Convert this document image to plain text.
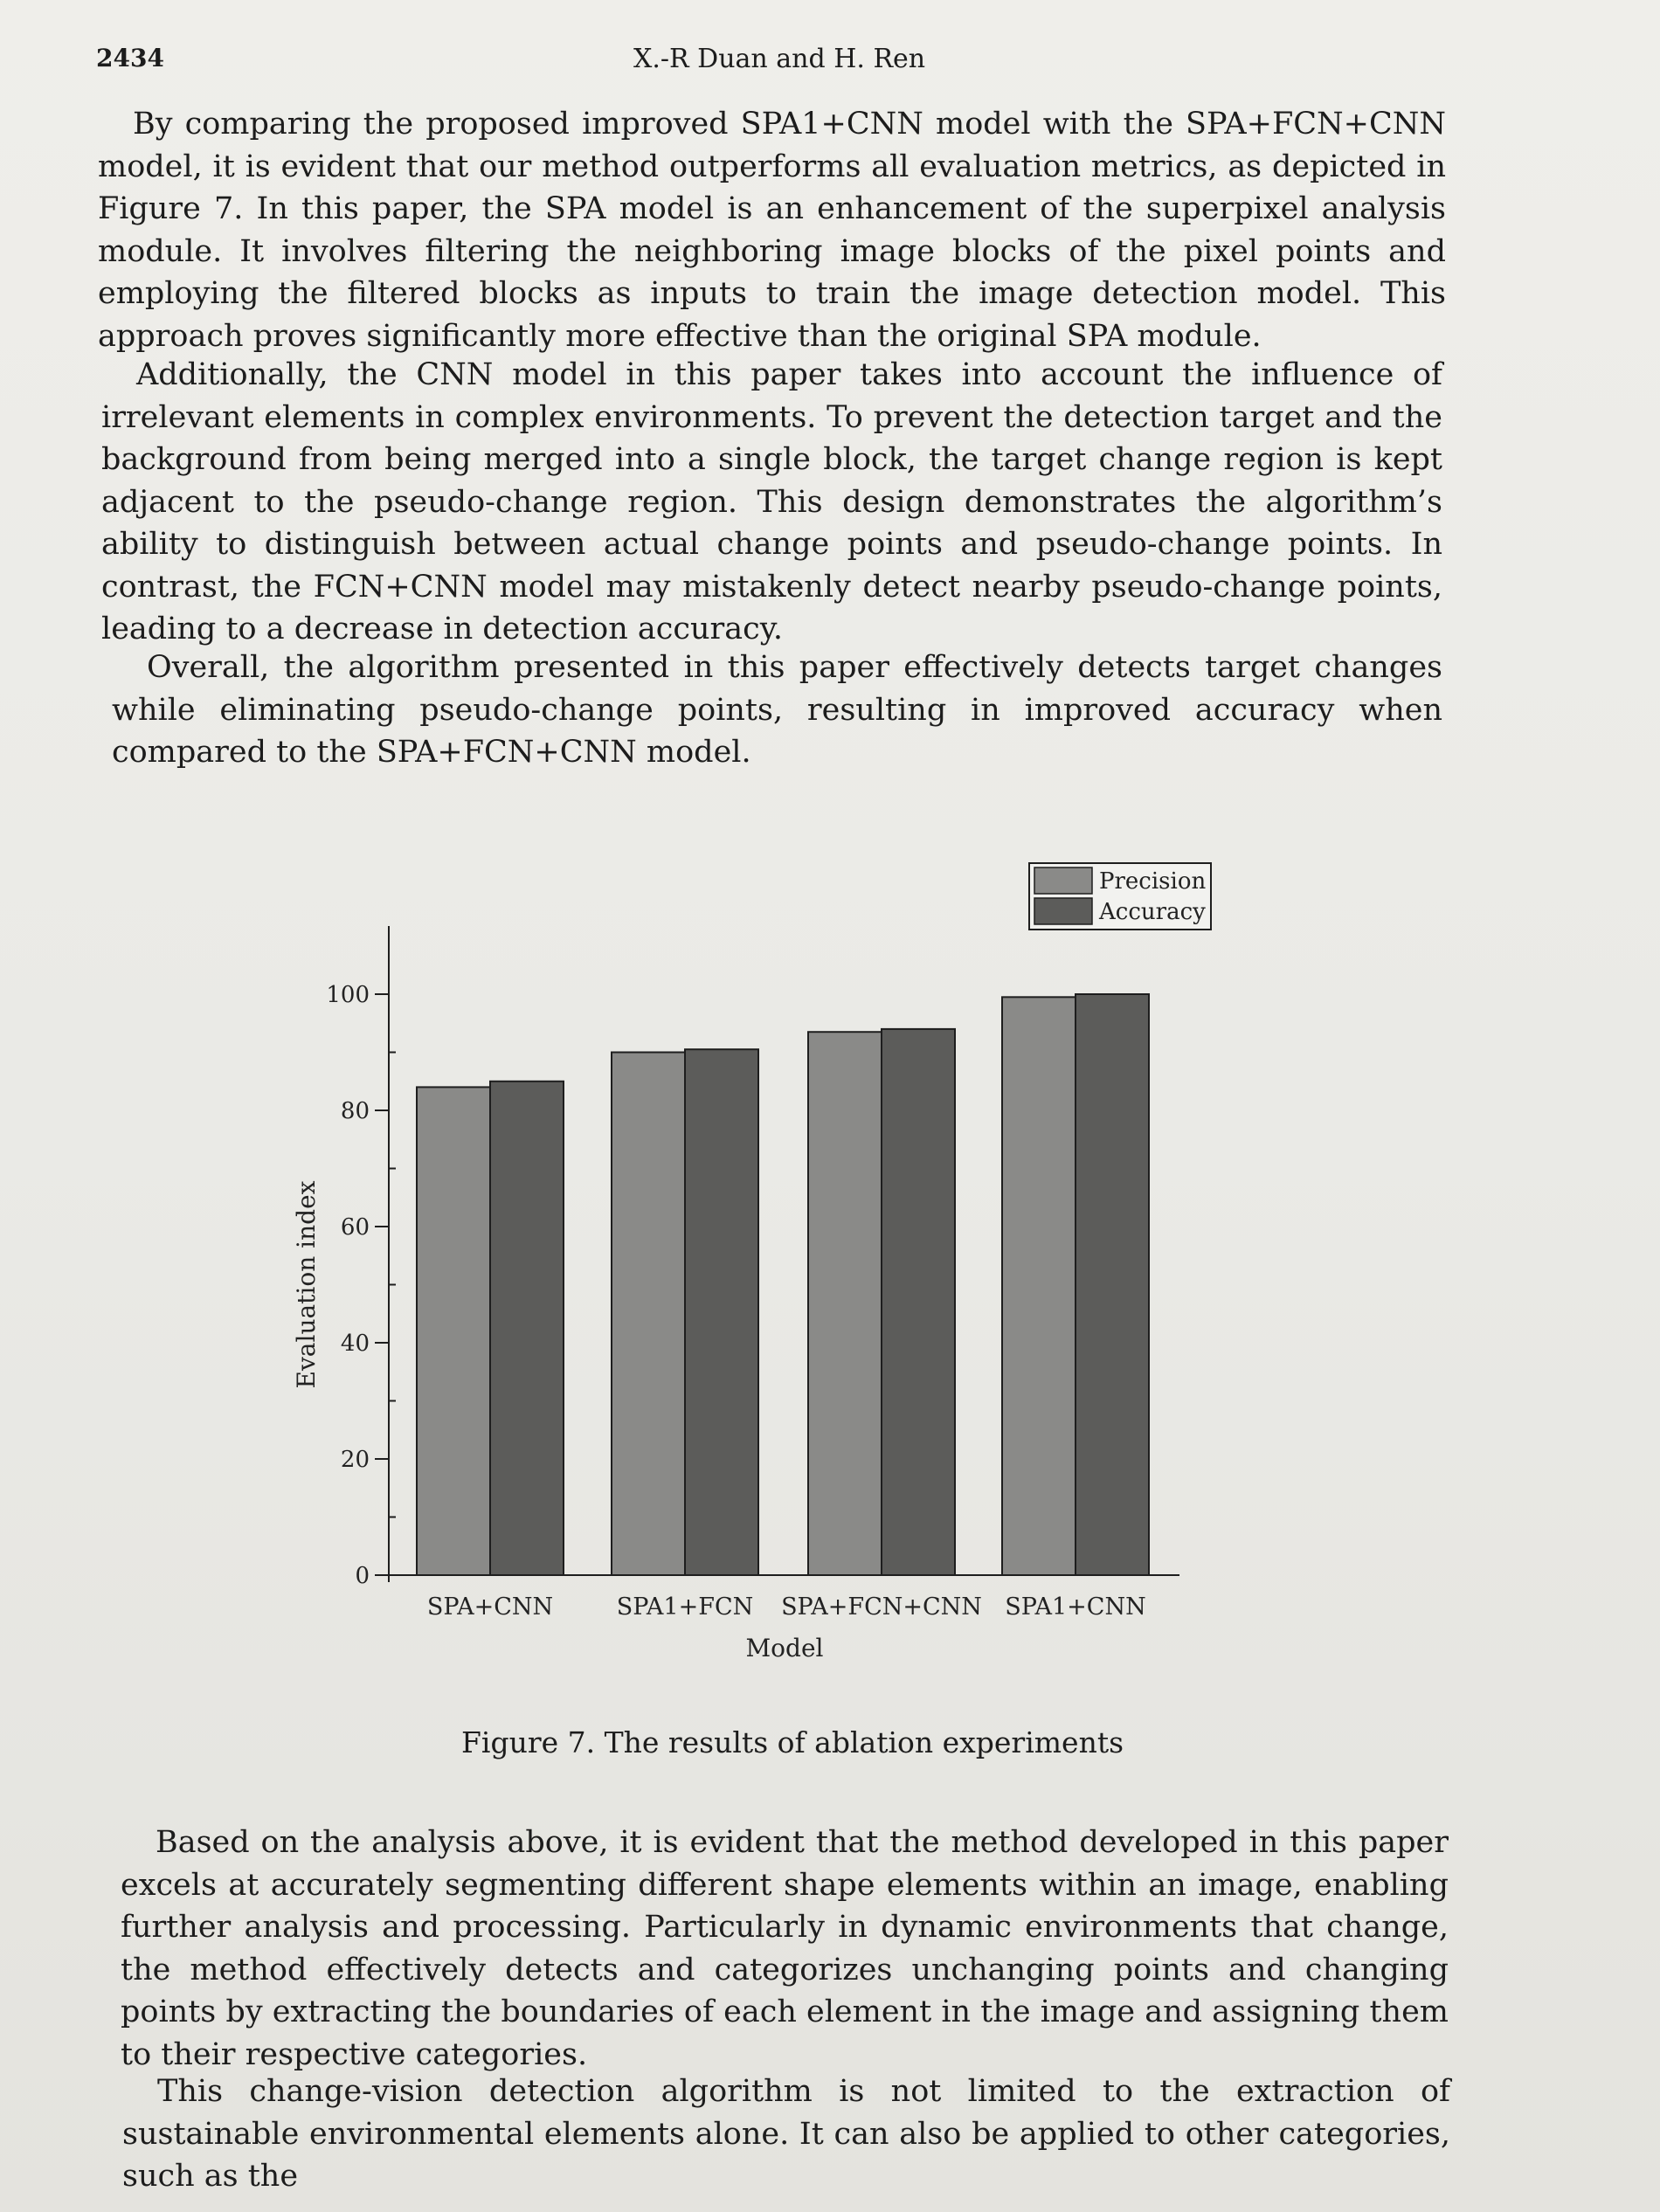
2434	X.-R Duan and H. Ren

By comparing the proposed improved SPA1+CNN model with the SPA+FCN+CNN model, it is evident that our method outperforms all evaluation metrics, as depicted in Figure 7. In this paper, the SPA model is an enhancement of the superpixel analysis module. It involves filtering the neighboring image blocks of the pixel points and employing the filtered blocks as inputs to train the image detection model. This approach proves significantly more effective than the original SPA module.

Additionally, the CNN model in this paper takes into account the influence of irrelevant elements in complex environments. To prevent the detection target and the background from being merged into a single block, the target change region is kept adjacent to the pseudo-change region. This design demonstrates the algorithm’s ability to distinguish between actual change points and pseudo-change points. In contrast, the FCN+CNN model may mistakenly detect nearby pseudo-change points, leading to a decrease in detection accuracy.

Overall, the algorithm presented in this paper effectively detects target changes while eliminating pseudo-change points, resulting in improved accuracy when compared to the SPA+FCN+CNN model.

SPA+CNN	SPA1+FCN SPA+FCN+CNN SPA1+CNN
0
20
40
60
80
100
Model
Evaluation index
Precision
Accuracy
Figure 7. The results of ablation experiments

Based on the analysis above, it is evident that the method developed in this paper excels at accurately segmenting different shape elements within an image, enabling further analysis and processing. Particularly in dynamic environments that change, the method effectively detects and categorizes unchanging points and changing points by extracting the boundaries of each element in the image and assigning them to their respective categories.

This change-vision detection algorithm is not limited to the extraction of sustainable environmental elements alone. It can also be applied to other categories, such as the
